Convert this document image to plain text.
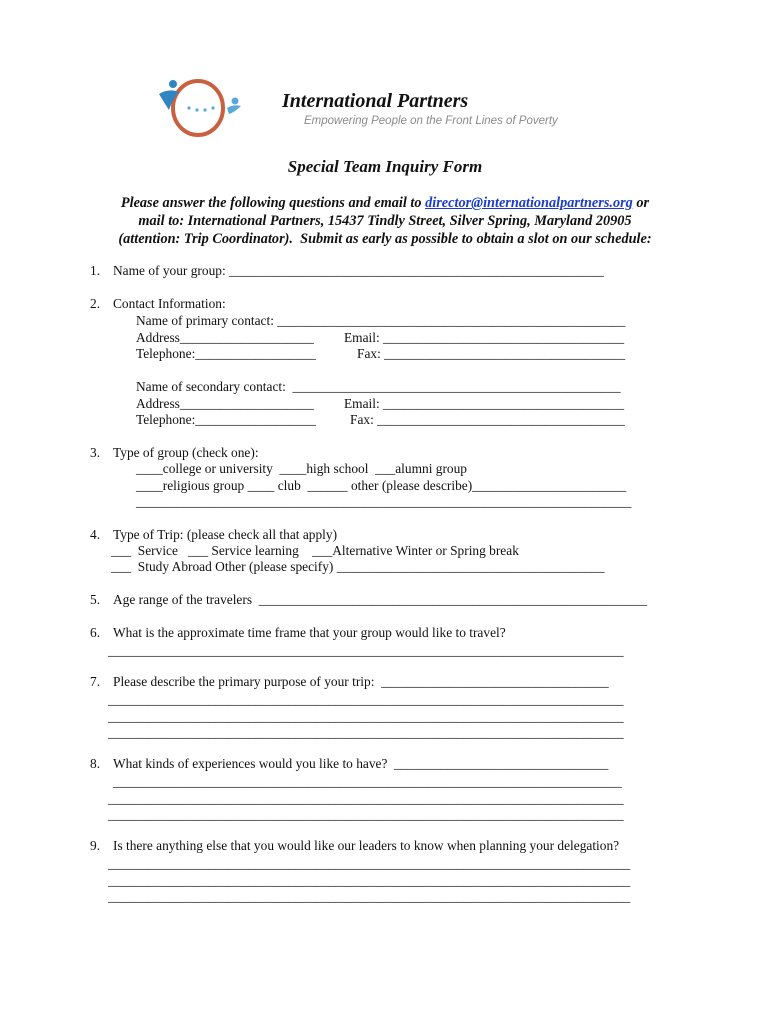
International Partners
Empowering People on the Front Lines of Poverty
Special Team Inquiry Form
Please answer the following questions and email to director@internationalpartners.org or
mail to: International Partners, 15437 Tindly Street, Silver Spring, Maryland 20905
(attention: Trip Coordinator).  Submit as early as possible to obtain a slot on our schedule:
1. Name of your group: ________________________________________________________
2. Contact Information:
Name of primary contact: ____________________________________________________
Address____________________ Email: ____________________________________
Telephone:__________________	Fax: ____________________________________
Name of secondary contact:  _________________________________________________
Address____________________ Email: ____________________________________
Telephone:__________________	Fax: _____________________________________
3. Type of group (check one):
____college or university  ____high school  ___alumni group
____religious group ____ club  ______ other (please describe)_______________________
__________________________________________________________________________
4. Type of Trip: (please check all that apply)
___  Service   ___ Service learning    ___Alternative Winter or Spring break
___  Study Abroad Other (please specify) ________________________________________
5. Age range of the travelers  __________________________________________________________
6. What is the approximate time frame that your group would like to travel?
_____________________________________________________________________________
7. Please describe the primary purpose of your trip:  __________________________________
_____________________________________________________________________________
_____________________________________________________________________________
_____________________________________________________________________________
8. What kinds of experiences would you like to have?  ________________________________
____________________________________________________________________________
_____________________________________________________________________________
_____________________________________________________________________________
9. Is there anything else that you would like our leaders to know when planning your delegation?
______________________________________________________________________________
______________________________________________________________________________
______________________________________________________________________________
